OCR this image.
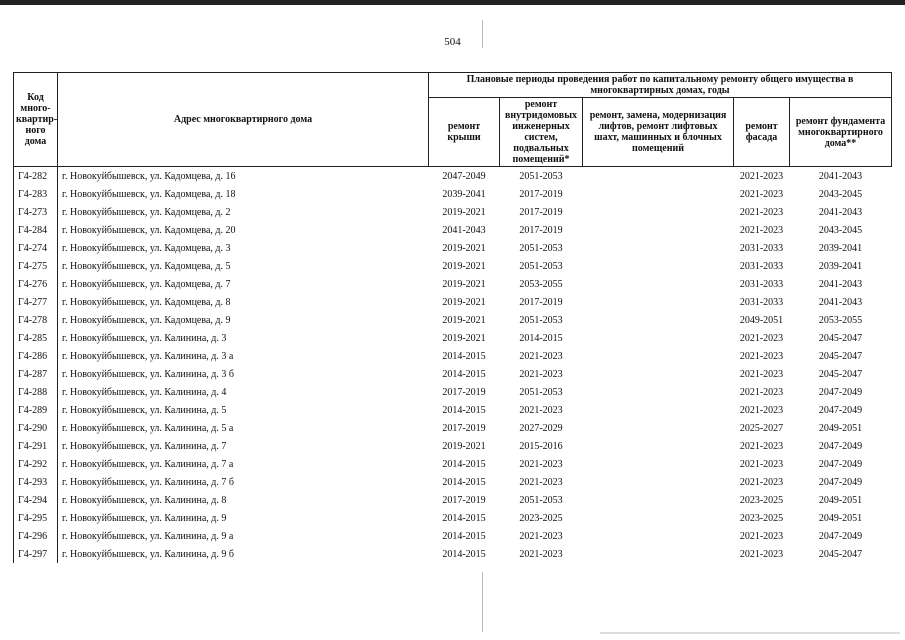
504
Код много-квартир-ного дома	Адрес многоквартирного дома	Плановые периоды проведения работ по капитальному ремонту общего имущества в многоквартирных домах, годы				
		ремонт крыши	ремонт внутридомовых инженерных систем, подвальных помещений*	ремонт, замена, модернизация лифтов, ремонт лифтовых шахт, машинных и блочных помещений	ремонт фасада	ремонт фундамента многоквартирного дома**
Г4-282	г. Новокуйбышевск, ул. Кадомцева, д. 16	2047-2049	2051-2053		2021-2023	2041-2043
Г4-283	г. Новокуйбышевск, ул. Кадомцева, д. 18	2039-2041	2017-2019		2021-2023	2043-2045
Г4-273	г. Новокуйбышевск, ул. Кадомцева, д. 2	2019-2021	2017-2019		2021-2023	2041-2043
Г4-284	г. Новокуйбышевск, ул. Кадомцева, д. 20	2041-2043	2017-2019		2021-2023	2043-2045
Г4-274	г. Новокуйбышевск, ул. Кадомцева, д. 3	2019-2021	2051-2053		2031-2033	2039-2041
Г4-275	г. Новокуйбышевск, ул. Кадомцева, д. 5	2019-2021	2051-2053		2031-2033	2039-2041
Г4-276	г. Новокуйбышевск, ул. Кадомцева, д. 7	2019-2021	2053-2055		2031-2033	2041-2043
Г4-277	г. Новокуйбышевск, ул. Кадомцева, д. 8	2019-2021	2017-2019		2031-2033	2041-2043
Г4-278	г. Новокуйбышевск, ул. Кадомцева, д. 9	2019-2021	2051-2053		2049-2051	2053-2055
Г4-285	г. Новокуйбышевск, ул. Калинина, д. 3	2019-2021	2014-2015		2021-2023	2045-2047
Г4-286	г. Новокуйбышевск, ул. Калинина, д. 3 а	2014-2015	2021-2023		2021-2023	2045-2047
Г4-287	г. Новокуйбышевск, ул. Калинина, д. 3 б	2014-2015	2021-2023		2021-2023	2045-2047
Г4-288	г. Новокуйбышевск, ул. Калинина, д. 4	2017-2019	2051-2053		2021-2023	2047-2049
Г4-289	г. Новокуйбышевск, ул. Калинина, д. 5	2014-2015	2021-2023		2021-2023	2047-2049
Г4-290	г. Новокуйбышевск, ул. Калинина, д. 5 а	2017-2019	2027-2029		2025-2027	2049-2051
Г4-291	г. Новокуйбышевск, ул. Калинина, д. 7	2019-2021	2015-2016		2021-2023	2047-2049
Г4-292	г. Новокуйбышевск, ул. Калинина, д. 7 а	2014-2015	2021-2023		2021-2023	2047-2049
Г4-293	г. Новокуйбышевск, ул. Калинина, д. 7 б	2014-2015	2021-2023		2021-2023	2047-2049
Г4-294	г. Новокуйбышевск, ул. Калинина, д. 8	2017-2019	2051-2053		2023-2025	2049-2051
Г4-295	г. Новокуйбышевск, ул. Калинина, д. 9	2014-2015	2023-2025		2023-2025	2049-2051
Г4-296	г. Новокуйбышевск, ул. Калинина, д. 9 а	2014-2015	2021-2023		2021-2023	2047-2049
Г4-297	г. Новокуйбышевск, ул. Калинина, д. 9 б	2014-2015	2021-2023		2021-2023	2045-2047
